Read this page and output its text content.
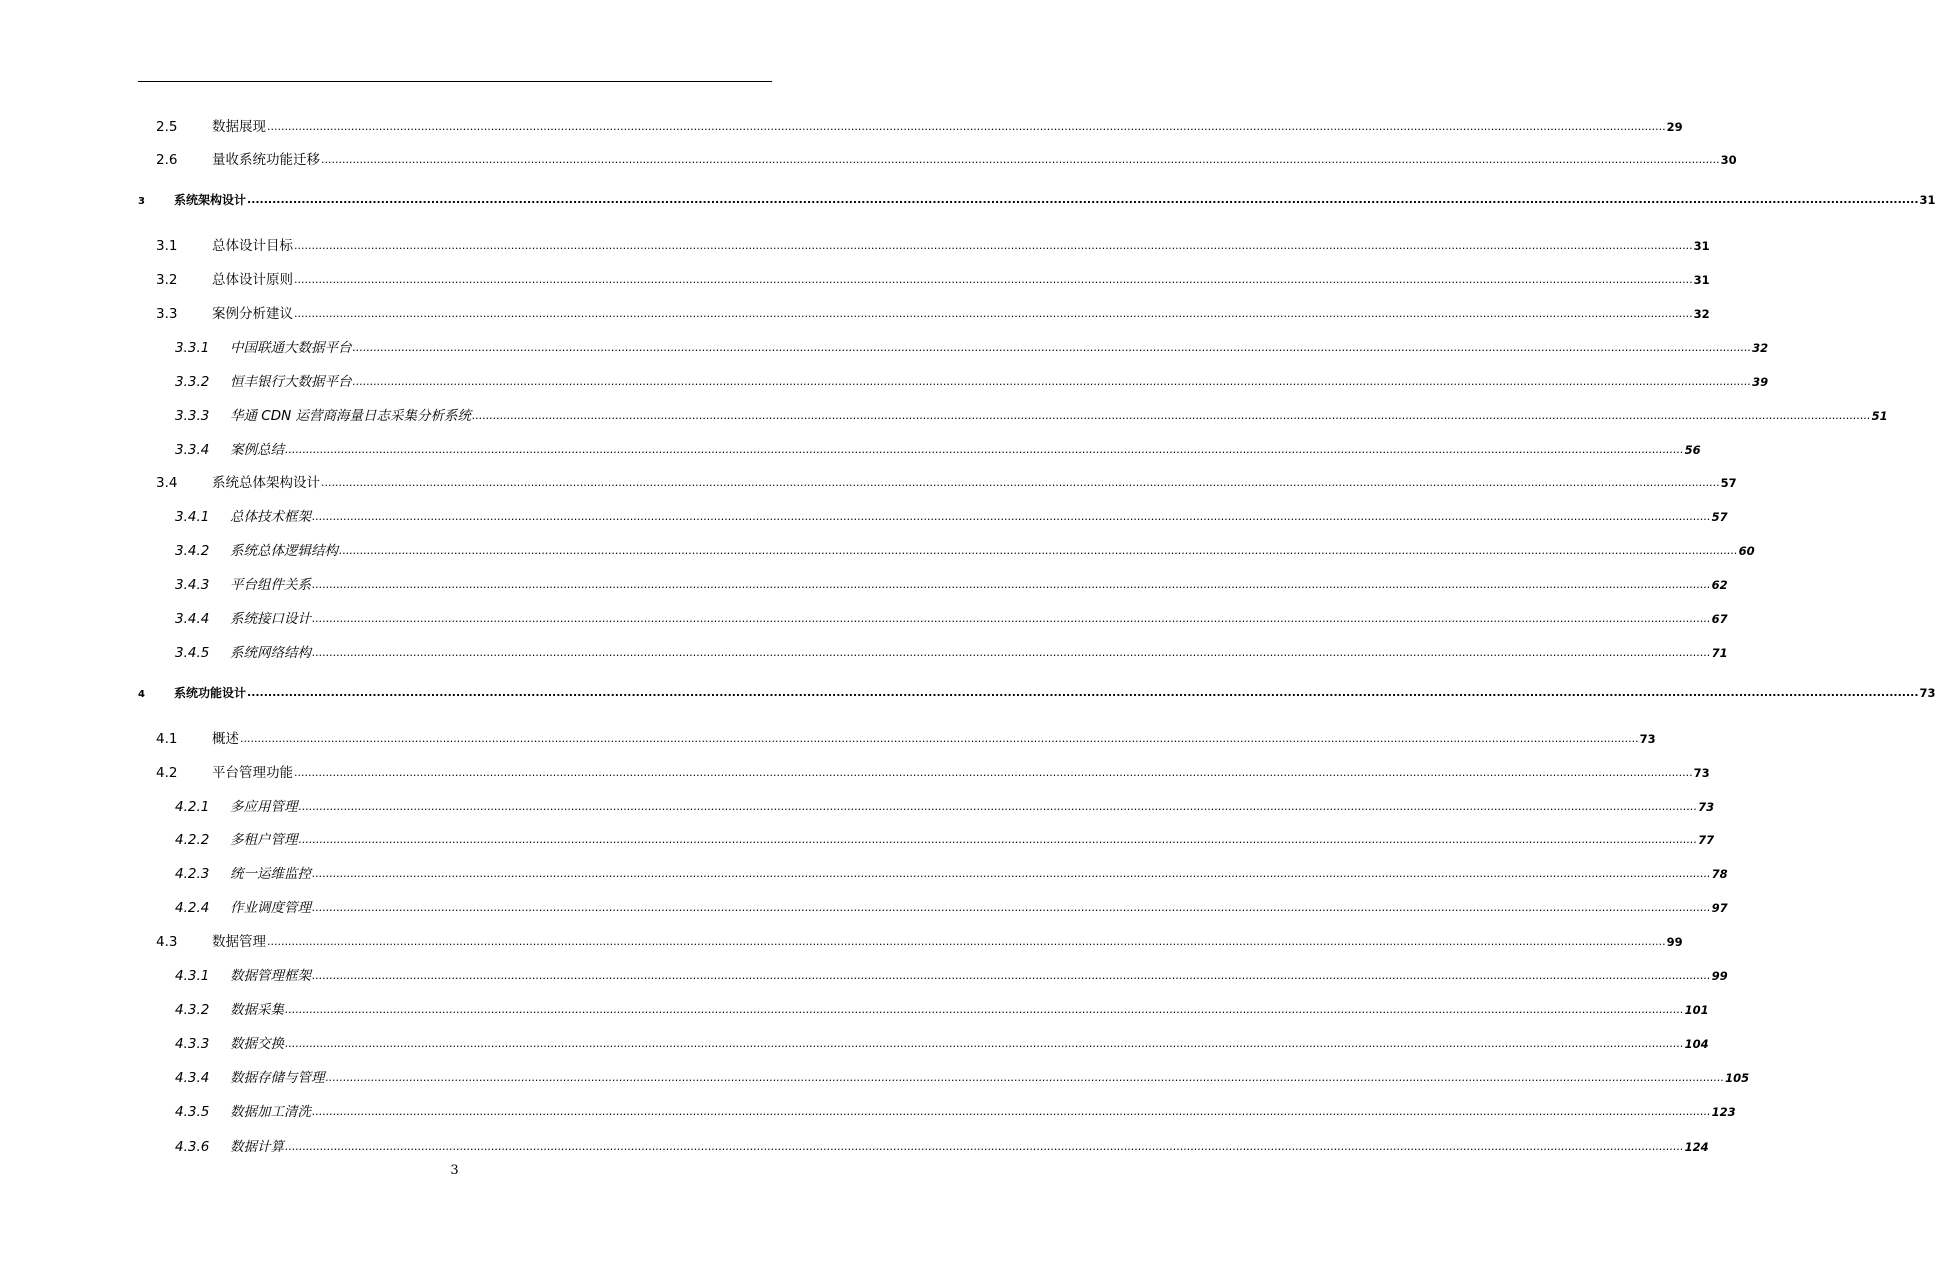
2.5	数据展现 ................................................................................................................................................................................................................................................................................................................................................................................................................ 29
2.6	量收系统功能迁移 ................................................................................................................................................................................................................................................................................................................................................................................................................ 30
3	系统架构设计 ................................................................................................................................................................................................................................................................................................................................................................................................................ 31
3.1	总体设计目标 ................................................................................................................................................................................................................................................................................................................................................................................................................ 31
3.2	总体设计原则 ................................................................................................................................................................................................................................................................................................................................................................................................................ 31
3.3	案例分析建议 ................................................................................................................................................................................................................................................................................................................................................................................................................ 32
3.3.1	中国联通大数据平台 ................................................................................................................................................................................................................................................................................................................................................................................................................ 32
3.3.2	恒丰银行大数据平台 ................................................................................................................................................................................................................................................................................................................................................................................................................ 39
3.3.3	华通 CDN 运营商海量日志采集分析系统 ................................................................................................................................................................................................................................................................................................................................................................................................................ 51
3.3.4	案例总结 ................................................................................................................................................................................................................................................................................................................................................................................................................ 56
3.4	系统总体架构设计 ................................................................................................................................................................................................................................................................................................................................................................................................................ 57
3.4.1	总体技术框架 ................................................................................................................................................................................................................................................................................................................................................................................................................ 57
3.4.2	系统总体逻辑结构 ................................................................................................................................................................................................................................................................................................................................................................................................................ 60
3.4.3	平台组件关系 ................................................................................................................................................................................................................................................................................................................................................................................................................ 62
3.4.4	系统接口设计 ................................................................................................................................................................................................................................................................................................................................................................................................................ 67
3.4.5	系统网络结构 ................................................................................................................................................................................................................................................................................................................................................................................................................ 71
4	系统功能设计 ................................................................................................................................................................................................................................................................................................................................................................................................................ 73
4.1	概述 ................................................................................................................................................................................................................................................................................................................................................................................................................ 73
4.2	平台管理功能 ................................................................................................................................................................................................................................................................................................................................................................................................................ 73
4.2.1	多应用管理 ................................................................................................................................................................................................................................................................................................................................................................................................................ 73
4.2.2	多租户管理 ................................................................................................................................................................................................................................................................................................................................................................................................................ 77
4.2.3	统一运维监控 ................................................................................................................................................................................................................................................................................................................................................................................................................ 78
4.2.4	作业调度管理 ................................................................................................................................................................................................................................................................................................................................................................................................................ 97
4.3	数据管理 ................................................................................................................................................................................................................................................................................................................................................................................................................ 99
4.3.1	数据管理框架 ................................................................................................................................................................................................................................................................................................................................................................................................................ 99
4.3.2	数据采集 ................................................................................................................................................................................................................................................................................................................................................................................................................ 101
4.3.3	数据交换 ................................................................................................................................................................................................................................................................................................................................................................................................................ 104
4.3.4	数据存储与管理 ................................................................................................................................................................................................................................................................................................................................................................................................................ 105
4.3.5	数据加工清洗 ................................................................................................................................................................................................................................................................................................................................................................................................................ 123
4.3.6	数据计算 ................................................................................................................................................................................................................................................................................................................................................................................................................ 124
3
